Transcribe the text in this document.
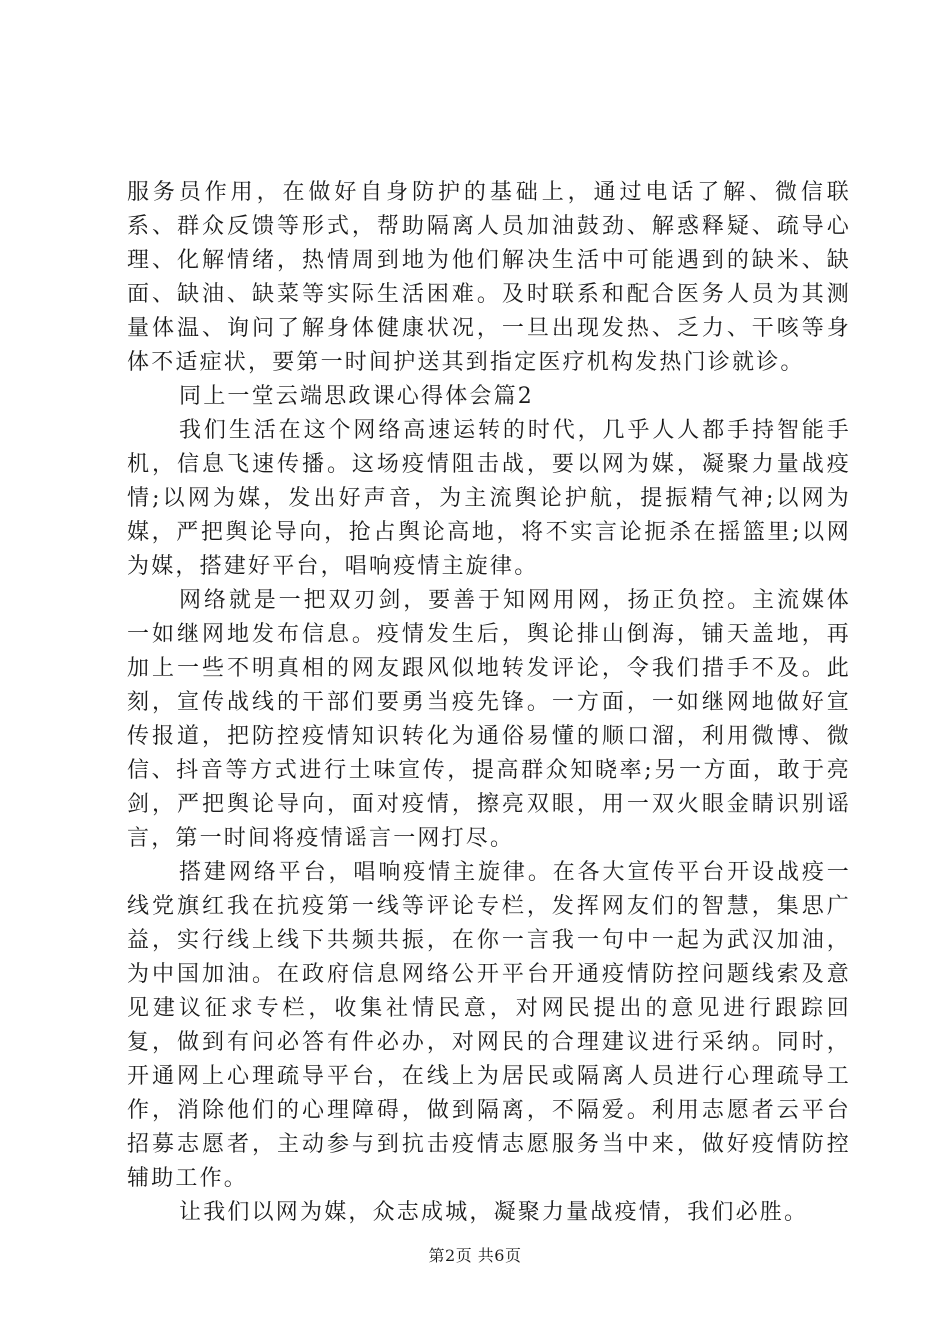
服务员作用，在做好自身防护的基础上，通过电话了解、微信联系、群众反馈等形式，帮助隔离人员加油鼓劲、解惑释疑、疏导心理、化解情绪，热情周到地为他们解决生活中可能遇到的缺米、缺面、缺油、缺菜等实际生活困难。及时联系和配合医务人员为其测量体温、询问了解身体健康状况，一旦出现发热、乏力、干咳等身体不适症状，要第一时间护送其到指定医疗机构发热门诊就诊。

同上一堂云端思政课心得体会篇2

我们生活在这个网络高速运转的时代，几乎人人都手持智能手机，信息飞速传播。这场疫情阻击战，要以网为媒，凝聚力量战疫情;以网为媒，发出好声音，为主流舆论护航，提振精气神;以网为媒，严把舆论导向，抢占舆论高地，将不实言论扼杀在摇篮里;以网为媒，搭建好平台，唱响疫情主旋律。

网络就是一把双刃剑，要善于知网用网，扬正负控。主流媒体一如继网地发布信息。疫情发生后，舆论排山倒海，铺天盖地，再加上一些不明真相的网友跟风似地转发评论，令我们措手不及。此刻，宣传战线的干部们要勇当疫先锋。一方面，一如继网地做好宣传报道，把防控疫情知识转化为通俗易懂的顺口溜，利用微博、微信、抖音等方式进行土味宣传，提高群众知晓率;另一方面，敢于亮剑，严把舆论导向，面对疫情，擦亮双眼，用一双火眼金睛识别谣言，第一时间将疫情谣言一网打尽。

搭建网络平台，唱响疫情主旋律。在各大宣传平台开设战疫一线党旗红我在抗疫第一线等评论专栏，发挥网友们的智慧，集思广益，实行线上线下共频共振，在你一言我一句中一起为武汉加油，为中国加油。在政府信息网络公开平台开通疫情防控问题线索及意见建议征求专栏，收集社情民意，对网民提出的意见进行跟踪回复，做到有问必答有件必办，对网民的合理建议进行采纳。同时，开通网上心理疏导平台，在线上为居民或隔离人员进行心理疏导工作，消除他们的心理障碍，做到隔离，不隔爱。利用志愿者云平台招募志愿者，主动参与到抗击疫情志愿服务当中来，做好疫情防控辅助工作。

让我们以网为媒，众志成城，凝聚力量战疫情，我们必胜。

第2页 共6页
